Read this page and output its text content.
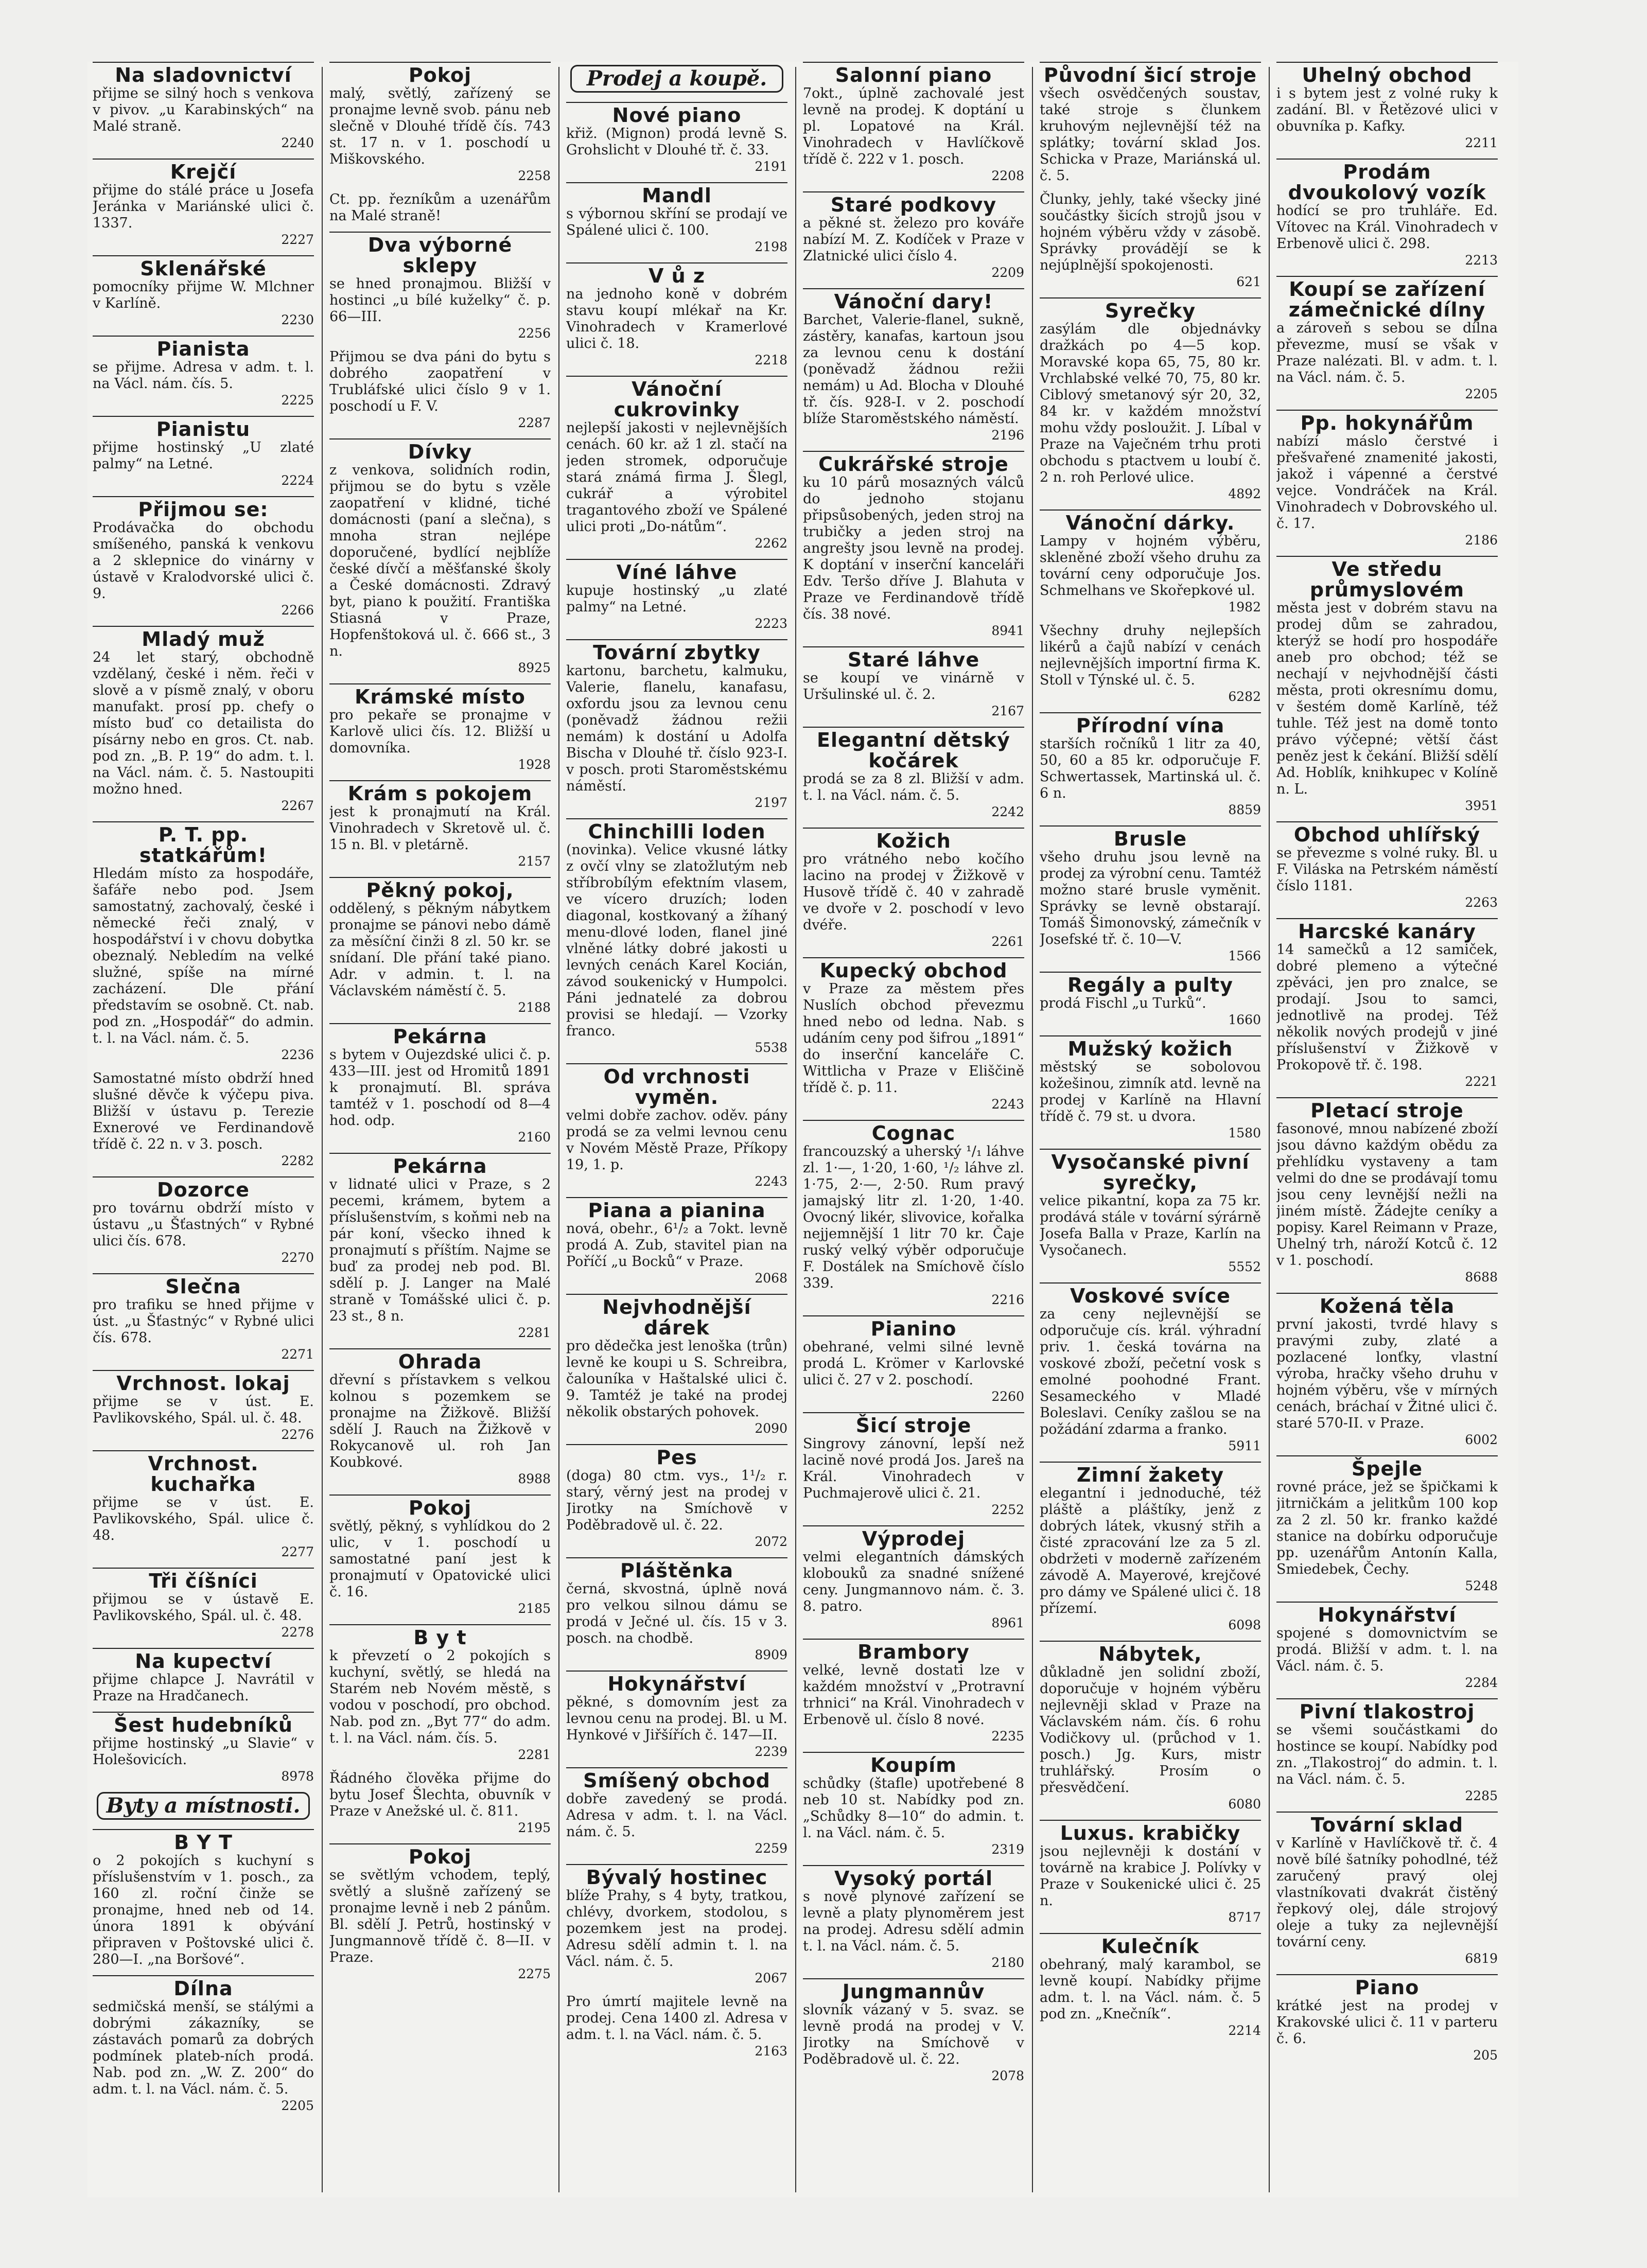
Na sladovnictví
přijme se silný hoch s venkova v pivov. „u Karabinských“ na Malé straně.
2240
Krejčí
přijme do stálé práce u Josefa Jeránka v Mariánské ulici č. 1337.
2227
Sklenářské
pomocníky přijme W. Mlchner v Karlíně.
2230
Pianista
se přijme. Adresa v adm. t. l. na Václ. nám. čís. 5.
2225
Pianistu
přijme hostinský „U zlaté palmy“ na Letné.
2224
Přijmou se:
Prodávačka do obchodu smíšeného, panská k venkovu a 2 sklepnice do vinárny v ústavě v Kralodvorské ulici č. 9.
2266
Mladý muž
24 let starý, obchodně vzdělaný, české i něm. řeči v slově a v písmě znalý, v oboru manufakt. prosí pp. chefy o místo buď co detailista do písárny nebo en gros. Ct. nab. pod zn. „B. P. 19“ do adm. t. l. na Václ. nám. č. 5. Nastoupiti možno hned.
2267
P. T. pp. statkářům!
Hledám místo za hospodáře, šafáře nebo pod. Jsem samostatný, zachovalý, české i německé řeči znalý, v hospodářství i v chovu dobytka obeznalý. Nebledím na velké služné, spíše na mírné zacházení. Dle přání představím se osobně. Ct. nab. pod zn. „Hospodář“ do admin. t. l. na Václ. nám. č. 5.
2236
Samostatné místo obdrží hned slušné děvče k výčepu piva. Bližší v ústavu p. Terezie Exnerové ve Ferdinandově třídě č. 22 n. v 3. posch.
2282
Dozorce
pro továrnu obdrží místo v ústavu „u Šťastných“ v Rybné ulici čís. 678.
2270
Slečna
pro trafiku se hned přijme v úst. „u Šťastnýc“ v Rybné ulici čís. 678.
2271
Vrchnost. lokaj
přijme se v úst. E. Pavlikovského, Spál. ul. č. 48.
2276
Vrchnost. kuchařka
přijme se v úst. E. Pavlikovského, Spál. ulice č. 48.
2277
Tři číšníci
přijmou se v ústavě E. Pavlikovského, Spál. ul. č. 48.
2278
Na kupectví
přijme chlapce J. Navrátil v Praze na Hradčanech.
Šest hudebníků
přijme hostinský „u Slavie“ v Holešovicích.
8978
Byty a místnosti.
B Y T
o 2 pokojích s kuchyní s příslušenstvím v 1. posch., za 160 zl. roční činže se pronajme, hned neb od 14. února 1891 k obývání připraven v Poštovské ulici č. 280—I. „na Boršové“.
Dílna
sedmičská menší, se stálými a dobrými zákazníky, se zástavách pomarů za dobrých podmínek plateb-ních prodá. Nab. pod zn. „W. Z. 200“ do adm. t. l. na Václ. nám. č. 5.
2205
Pokoj
malý, světlý, zařízený se pronajme levně svob. pánu neb slečně v Dlouhé třídě čís. 743 st. 17 n. v 1. poschodí u Miškovského.
2258
Ct. pp. řezníkům a uzenářům na Malé straně!
Dva výborné sklepy
se hned pronajmou. Bližší v hostinci „u bílé kuželky“ č. p. 66—III.
2256
Přijmou se dva páni do bytu s dobrého zaopatření v Trubláfské ulici číslo 9 v 1. poschodí u F. V.
2287
Dívky
z venkova, solidních rodin, přijmou se do bytu s vzěle zaopatření v klidné, tiché domácnosti (paní a slečna), s mnoha stran nejlépe doporučené, bydlící nejblíže české dívčí a měšťanské školy a České domácnosti. Zdravý byt, piano k použití. Františka Stiasná v Praze, Hopfenštoková ul. č. 666 st., 3 n.
8925
Krámské místo
pro pekaře se pronajme v Karlově ulici čís. 12. Bližší u domovníka.
1928
Krám s pokojem
jest k pronajmutí na Král. Vinohradech v Skretově ul. č. 15 n. Bl. v pletárně.
2157
Pěkný pokoj,
oddělený, s pěkným nábytkem pronajme se pánovi nebo dámě za měsíční činži 8 zl. 50 kr. se snídaní. Dle přání také piano. Adr. v admin. t. l. na Václavském náměstí č. 5.
2188
Pekárna
s bytem v Oujezdské ulici č. p. 433—III. jest od Hromitů 1891 k pronajmutí. Bl. správa tamtéž v 1. poschodí od 8—4 hod. odp.
2160
Pekárna
v lidnaté ulici v Praze, s 2 pecemi, krámem, bytem a příslušenstvím, s koňmi neb na pár koní, všecko ihned k pronajmutí s příštím. Najme se buď za prodej neb pod. Bl. sdělí p. J. Langer na Malé straně v Tomášské ulici č. p. 23 st., 8 n.
2281
Ohrada
dřevní s přístavkem s velkou kolnou s pozemkem se pronajme na Žižkově. Bližší sdělí J. Rauch na Žižkově v Rokycanově ul. roh Jan Koubkové.
8988
Pokoj
světlý, pěkný, s vyhlídkou do 2 ulic, v 1. poschodí u samostatné paní jest k pronajmutí v Opatovické ulici č. 16.
2185
B y t
k převzetí o 2 pokojích s kuchyní, světlý, se hledá na Starém neb Novém městě, s vodou v poschodí, pro obchod. Nab. pod zn. „Byt 77“ do adm. t. l. na Václ. nám. čís. 5.
2281
Řádného člověka přijme do bytu Josef Šlechta, obuvník v Praze v Anežské ul. č. 811.
2195
Pokoj
se světlým vchodem, teplý, světlý a slušně zařízený se pronajme levně i neb 2 pánům. Bl. sdělí J. Petrů, hostinský v Jungmannově třídě č. 8—II. v Praze.
2275
Prodej a koupě.
Nové piano
křiž. (Mignon) prodá levně S. Grohslicht v Dlouhé tř. č. 33.
2191
Mandl
s výbornou skříní se prodají ve Spálené ulici č. 100.
2198
V ů z
na jednoho koně v dobrém stavu koupí mlékař na Kr. Vinohradech v Kramerlové ulici č. 18.
2218
Vánoční cukrovinky
nejlepší jakosti v nejlevnějších cenách. 60 kr. až 1 zl. stačí na jeden stromek, odporučuje stará známá firma J. Šlegl, cukrář a výrobitel tragantového zboží ve Spálené ulici proti „Do-nátům“.
2262
Víné láhve
kupuje hostinský „u zlaté palmy“ na Letné.
2223
Tovární zbytky
kartonu, barchetu, kalmuku, Valerie, flanelu, kanafasu, oxfordu jsou za levnou cenu (poněvadž žádnou režii nemám) k dostání u Adolfa Bischa v Dlouhé tř. číslo 923-I. v posch. proti Staroměstskému náměstí.
2197
Chinchilli loden
(novinka). Velice vkusné látky z ovčí vlny se zlatožlutým neb stříbrobílým efektním vlasem, ve vícero druzích; loden diagonal, kostkovaný a žíhaný menu-dlové loden, flanel jiné vlněné látky dobré jakosti u levných cenách Karel Kocián, závod soukenický v Humpolci. Páni jednatelé za dobrou provisi se hledají. — Vzorky franco.
5538
Od vrchnosti vyměn.
velmi dobře zachov. oděv. pány prodá se za velmi levnou cenu v Novém Městě Praze, Příkopy 19, 1. p.
2243
Piana a pianina
nová, obehr., 6¹/₂ a 7okt. levně prodá A. Zub, stavitel pian na Poříčí „u Bocků“ v Praze.
2068
Nejvhodnější dárek
pro dědečka jest lenoška (trůn) levně ke koupi u S. Schreibra, čalouníka v Haštalské ulici č. 9. Tamtéž je také na prodej několik obstarých pohovek.
2090
Pes
(doga) 80 ctm. vys., 1¹/₂ r. starý, věrný jest na prodej v Jirotky na Smíchově v Poděbradově ul. č. 22.
2072
Pláštěnka
černá, skvostná, úplně nová pro velkou silnou dámu se prodá v Ječné ul. čís. 15 v 3. posch. na chodbě.
8909
Hokynářství
pěkné, s domovním jest za levnou cenu na prodej. Bl. u M. Hynkové v Jiřšířích č. 147—II.
2239
Smíšený obchod
dobře zavedený se prodá. Adresa v adm. t. l. na Václ. nám. č. 5.
2259
Bývalý hostinec
blíže Prahy, s 4 byty, tratkou, chlévy, dvorkem, stodolou, s pozemkem jest na prodej. Adresu sdělí admin t. l. na Václ. nám. č. 5.
2067
Pro úmrtí majitele levně na prodej. Cena 1400 zl. Adresa v adm. t. l. na Václ. nám. č. 5.
2163
Salonní piano
7okt., úplně zachovalé jest levně na prodej. K doptání u pl. Lopatové na Král. Vinohradech v Havlíčkově třídě č. 222 v 1. posch.
2208
Staré podkovy
a pěkné st. železo pro kováře nabízí M. Z. Kodíček v Praze v Zlatnické ulici číslo 4.
2209
Vánoční dary!
Barchet, Valerie-flanel, sukně, zástěry, kanafas, kartoun jsou za levnou cenu k dostání (poněvadž žádnou režii nemám) u Ad. Blocha v Dlouhé tř. čís. 928-I. v 2. poschodí blíže Staroměstského náměstí.
2196
Cukrářské stroje
ku 10 párů mosazných válců do jednoho stojanu připsůsobených, jeden stroj na trubičky a jeden stroj na angrešty jsou levně na prodej. K doptání v inserční kanceláři Edv. Teršo dříve J. Blahuta v Praze ve Ferdinandově třídě čís. 38 nové.
8941
Staré láhve
se koupí ve vinárně v Uršulinské ul. č. 2.
2167
Elegantní dětský kočárek
prodá se za 8 zl. Bližší v adm. t. l. na Václ. nám. č. 5.
2242
Kožich
pro vrátného nebo kočího lacino na prodej v Žižkově v Husově třídě č. 40 v zahradě ve dvoře v 2. poschodí v levo dvéře.
2261
Kupecký obchod
v Praze za městem přes Nuslích obchod převezmu hned nebo od ledna. Nab. s udáním ceny pod šifrou „1891“ do inserční kanceláře C. Wittlicha v Praze v Eliščině třídě č. p. 11.
2243
Cognac
francouzský a uherský ¹/₁ láhve zl. 1·—, 1·20, 1·60, ¹/₂ láhve zl. 1·75, 2·—, 2·50. Rum pravý jamajský litr zl. 1·20, 1·40. Ovocný likér, slivovice, kořalka nejjemnější 1 litr 70 kr. Čaje ruský velký výběr odporučuje F. Dostálek na Smíchově číslo 339.
2216
Pianino
obehrané, velmi silné levně prodá L. Krömer v Karlovské ulici č. 27 v 2. poschodí.
2260
Šicí stroje
Singrovy zánovní, lepší než lacině nové prodá Jos. Jareš na Král. Vinohradech v Puchmajerově ulici č. 21.
2252
Výprodej
velmi elegantních dámských klobouků za snadné snížené ceny. Jungmannovo nám. č. 3. 8. patro.
8961
Brambory
velké, levně dostati lze v každém množství v „Protravní trhnici“ na Král. Vinohradech v Erbenově ul. číslo 8 nové.
2235
Koupím
schůdky (štafle) upotřebené 8 neb 10 st. Nabídky pod zn. „Schůdky 8—10“ do admin. t. l. na Václ. nám. č. 5.
2319
Vysoký portál
s nově plynové zařízení se levně a platy plynoměrem jest na prodej. Adresu sdělí admin t. l. na Václ. nám. č. 5.
2180
Jungmannův
slovník vázaný v 5. svaz. se levně prodá na prodej v V. Jirotky na Smíchově v Poděbradově ul. č. 22.
2078
Původní šicí stroje
všech osvědčených soustav, také stroje s člunkem kruhovým nejlevnější též na splátky; tovární sklad Jos. Schicka v Praze, Mariánská ul. č. 5.
Člunky, jehly, také všecky jiné součástky šicích strojů jsou v hojném výběru vždy v zásobě. Správky provádějí se k nejúplnější spokojenosti.
621
Syrečky
zasýlám dle objednávky dražkách po 4—5 kop. Moravské kopa 65, 75, 80 kr. Vrchlabské velké 70, 75, 80 kr. Ciblový smetanový sýr 20, 32, 84 kr. v každém množství mohu vždy posloužit. J. Líbal v Praze na Vaječném trhu proti obchodu s ptactvem u loubí č. 2 n. roh Perlové ulice.
4892
Vánoční dárky.
Lampy v hojném výběru, skleněné zboží všeho druhu za tovární ceny odporučuje Jos. Schmelhans ve Skořepkové ul.
1982
Všechny druhy nejlepších likérů a čajů nabízí v cenách nejlevnějších importní firma K. Stoll v Týnské ul. č. 5.
6282
Přírodní vína
starších ročníků 1 litr za 40, 50, 60 a 85 kr. odporučuje F. Schwertassek, Martinská ul. č. 6 n.
8859
Brusle
všeho druhu jsou levně na prodej za výrobní cenu. Tamtéž možno staré brusle vyměnit. Správky se levně obstarají. Tomáš Šimonovský, zámečník v Josefské tř. č. 10—V.
1566
Regály a pulty
prodá Fischl „u Turků“.
1660
Mužský kožich
městský se sobolovou kožešinou, zimník atd. levně na prodej v Karlíně na Hlavní třídě č. 79 st. u dvora.
1580
Vysočanské pivní syrečky,
velice pikantní, kopa za 75 kr. prodává stále v tovární sýrárně Josefa Balla v Praze, Karlín na Vysočanech.
5552
Voskové svíce
za ceny nejlevnější se odporučuje cís. král. výhradní priv. 1. česká továrna na voskové zboží, pečetní vosk s emolné poohodné Frant. Sesameckého v Mladé Boleslavi. Ceníky zašlou se na požádání zdarma a franko.
5911
Zimní žakety
elegantní i jednoduché, též pláště a pláštíky, jenž z dobrých látek, vkusný střih a čisté zpracování lze za 5 zl. obdržeti v moderně zařízeném závodě A. Mayerové, krejčové pro dámy ve Spálené ulici č. 18 přízemí.
6098
Nábytek,
důkladně jen solidní zboží, doporučuje v hojném výběru nejlevněji sklad v Praze na Václavském nám. čís. 6 rohu Vodičkovy ul. (průchod v 1. posch.) Jg. Kurs, mistr truhlářský. Prosím o přesvědčení.
6080
Luxus. krabičky
jsou nejlevněji k dostání v továrně na krabice J. Polívky v Praze v Soukenické ulici č. 25 n.
8717
Kulečník
obehraný, malý karambol, se levně koupí. Nabídky přijme adm. t. l. na Václ. nám. č. 5 pod zn. „Knečník“.
2214
Uhelný obchod
i s bytem jest z volné ruky k zadání. Bl. v Řetězové ulici v obuvníka p. Kafky.
2211
Prodám dvoukolový vozík
hodící se pro truhláře. Ed. Vítovec na Král. Vinohradech v Erbenově ulici č. 298.
2213
Koupí se zařízení zámečnické dílny
a zároveň s sebou se dílna převezme, musí se však v Praze nalézati. Bl. v adm. t. l. na Václ. nám. č. 5.
2205
Pp. hokynářům
nabízí máslo čerstvé i přešvařené znamenité jakosti, jakož i vápenné a čerstvé vejce. Vondráček na Král. Vinohradech v Dobrovského ul. č. 17.
2186
Ve středu průmyslovém
města jest v dobrém stavu na prodej dům se zahradou, kterýž se hodí pro hospodáře aneb pro obchod; též se nechají v nejvhodnější části města, proti okresnímu domu, v šestém domě Karlíně, též tuhle. Též jest na domě tonto právo výčepné; větší část peněz jest k čekání. Bližší sdělí Ad. Hoblík, knihkupec v Kolíně n. L.
3951
Obchod uhlířský
se převezme s volné ruky. Bl. u F. Viláska na Petrském náměstí číslo 1181.
2263
Harcské kanáry
14 samečků a 12 samiček, dobré plemeno a výtečné zpěváci, jen pro znalce, se prodají. Jsou to samci, jednotlivě na prodej. Též několik nových prodejů v jiné příslušenství v Žižkově v Prokopově tř. č. 198.
2221
Pletací stroje
fasonové, mnou nabízené zboží jsou dávno každým obědu za přehlídku vystaveny a tam velmi do dne se prodávají tomu jsou ceny levnější nežli na jiném místě. Žádejte ceníky a popisy. Karel Reimann v Praze, Uhelný trh, nároží Kotců č. 12 v 1. poschodí.
8688
Kožená těla
první jakosti, tvrdé hlavy s pravými zuby, zlaté a pozlacené lonťky, vlastní výroba, hračky všeho druhu v hojném výběru, vše v mírných cenách, bráchaí v Žitné ulici č. staré 570-II. v Praze.
6002
Špejle
rovné práce, jež se špičkami k jitrničkám a jelitkům 100 kop za 2 zl. 50 kr. franko každé stanice na dobírku odporučuje pp. uzenářům Antonín Kalla, Smiedebek, Čechy.
5248
Hokynářství
spojené s domovnictvím se prodá. Bližší v adm. t. l. na Václ. nám. č. 5.
2284
Pivní tlakostroj
se všemi součástkami do hostince se koupí. Nabídky pod zn. „Tlakostroj“ do admin. t. l. na Václ. nám. č. 5.
2285
Tovární sklad
v Karlíně v Havlíčkově tř. č. 4 nově bílé šatníky pohodlné, též zaručený pravý olej vlastníkovati dvakrát čistěný řepkový olej, dále strojový oleje a tuky za nejlevnější tovární ceny.
6819
Piano
krátké jest na prodej v Krakovské ulici č. 11 v parteru č. 6.
205
